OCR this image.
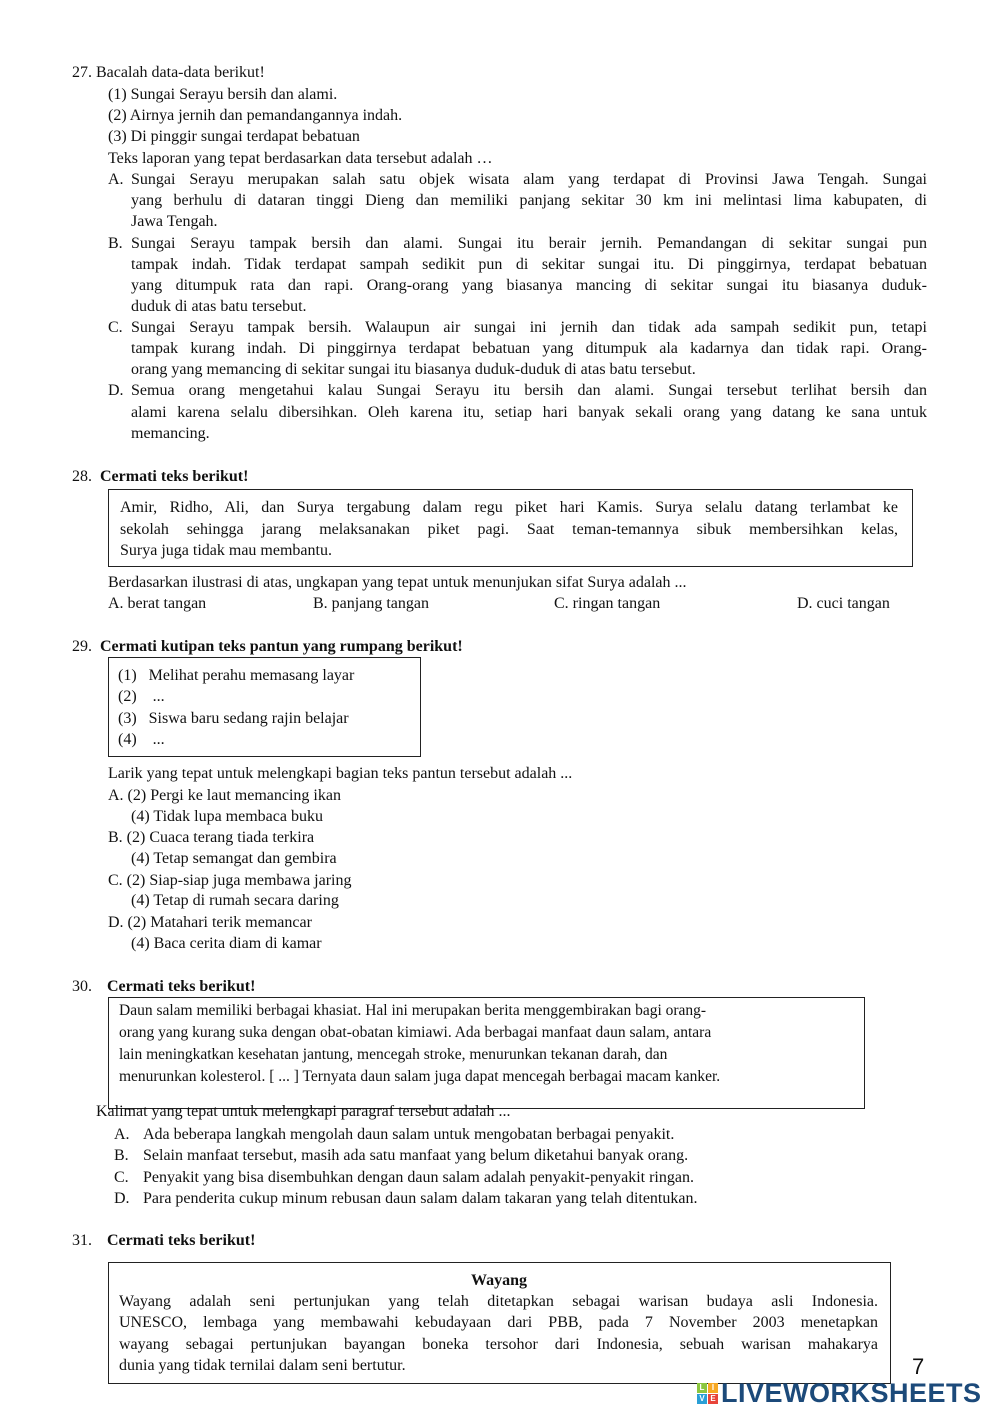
27. Bacalah data-data berikut!
(1) Sungai Serayu bersih dan alami.
(2) Airnya jernih dan pemandangannya indah.
(3) Di pinggir sungai terdapat bebatuan
Teks laporan yang tepat berdasarkan data tersebut adalah …
A. Sungai Serayu merupakan salah satu objek wisata alam yang terdapat di Provinsi Jawa Tengah. Sungai
yang berhulu di dataran tinggi Dieng dan memiliki panjang sekitar 30 km ini melintasi lima kabupaten, di
Jawa Tengah.
B. Sungai Serayu tampak bersih dan alami. Sungai itu berair jernih. Pemandangan di sekitar sungai pun
tampak indah. Tidak terdapat sampah sedikit pun di sekitar sungai itu. Di pinggirnya, terdapat bebatuan
yang ditumpuk rata dan rapi. Orang-orang yang biasanya mancing di sekitar sungai itu biasanya duduk-
duduk di atas batu tersebut.
C. Sungai Serayu tampak bersih. Walaupun air sungai ini jernih dan tidak ada sampah sedikit pun, tetapi
tampak kurang indah. Di pinggirnya terdapat bebatuan yang ditumpuk ala kadarnya dan tidak rapi. Orang-
orang yang memancing di sekitar sungai itu biasanya duduk-duduk di atas batu tersebut.
D. Semua orang mengetahui kalau Sungai Serayu itu bersih dan alami. Sungai tersebut terlihat bersih dan
alami karena selalu dibersihkan. Oleh karena itu, setiap hari banyak sekali orang yang datang ke sana untuk
memancing.
28. Cermati teks berikut!
Amir, Ridho, Ali, dan Surya tergabung dalam regu piket hari Kamis. Surya selalu datang terlambat ke
sekolah sehingga jarang melaksanakan piket pagi. Saat teman-temannya sibuk membersihkan kelas,
Surya juga tidak mau membantu.
Berdasarkan ilustrasi di atas, ungkapan yang tepat untuk menunjukan sifat Surya adalah ...
A. berat tangan	B. panjang tangan	C. ringan tangan	D. cuci tangan
29. Cermati kutipan teks pantun yang rumpang berikut!
(1)   Melihat perahu memasang layar
(2)    ...
(3)   Siswa baru sedang rajin belajar
(4)    ...
Larik yang tepat untuk melengkapi bagian teks pantun tersebut adalah ...
A. (2) Pergi ke laut memancing ikan
(4) Tidak lupa membaca buku
B. (2) Cuaca terang tiada terkira
(4) Tetap semangat dan gembira
C. (2) Siap-siap juga membawa jaring
(4) Tetap di rumah secara daring
D. (2) Matahari terik memancar
(4) Baca cerita diam di kamar
30. Cermati teks berikut!
Daun salam memiliki berbagai khasiat. Hal ini merupakan berita menggembirakan bagi orang-
orang yang kurang suka dengan obat-obatan kimiawi. Ada berbagai manfaat daun salam, antara
lain meningkatkan kesehatan jantung, mencegah stroke, menurunkan tekanan darah, dan
menurunkan kolesterol. [ ... ] Ternyata daun salam juga dapat mencegah berbagai macam kanker.
Kalimat yang tepat untuk melengkapi paragraf tersebut adalah ...
A. Ada beberapa langkah mengolah daun salam untuk mengobatan berbagai penyakit.
B. Selain manfaat tersebut, masih ada satu manfaat yang belum diketahui banyak orang.
C. Penyakit yang bisa disembuhkan dengan daun salam adalah penyakit-penyakit ringan.
D. Para penderita cukup minum rebusan daun salam dalam takaran yang telah ditentukan.
31. Cermati teks berikut!
Wayang
Wayang adalah seni pertunjukan yang telah ditetapkan sebagai warisan budaya asli Indonesia.
UNESCO, lembaga yang membawahi kebudayaan dari PBB, pada 7 November 2003 menetapkan
wayang sebagai pertunjukan bayangan boneka tersohor dari Indonesia, sebuah warisan mahakarya
dunia yang tidak ternilai dalam seni bertutur.	7
L I
V E LIVEWORKSHEETS
